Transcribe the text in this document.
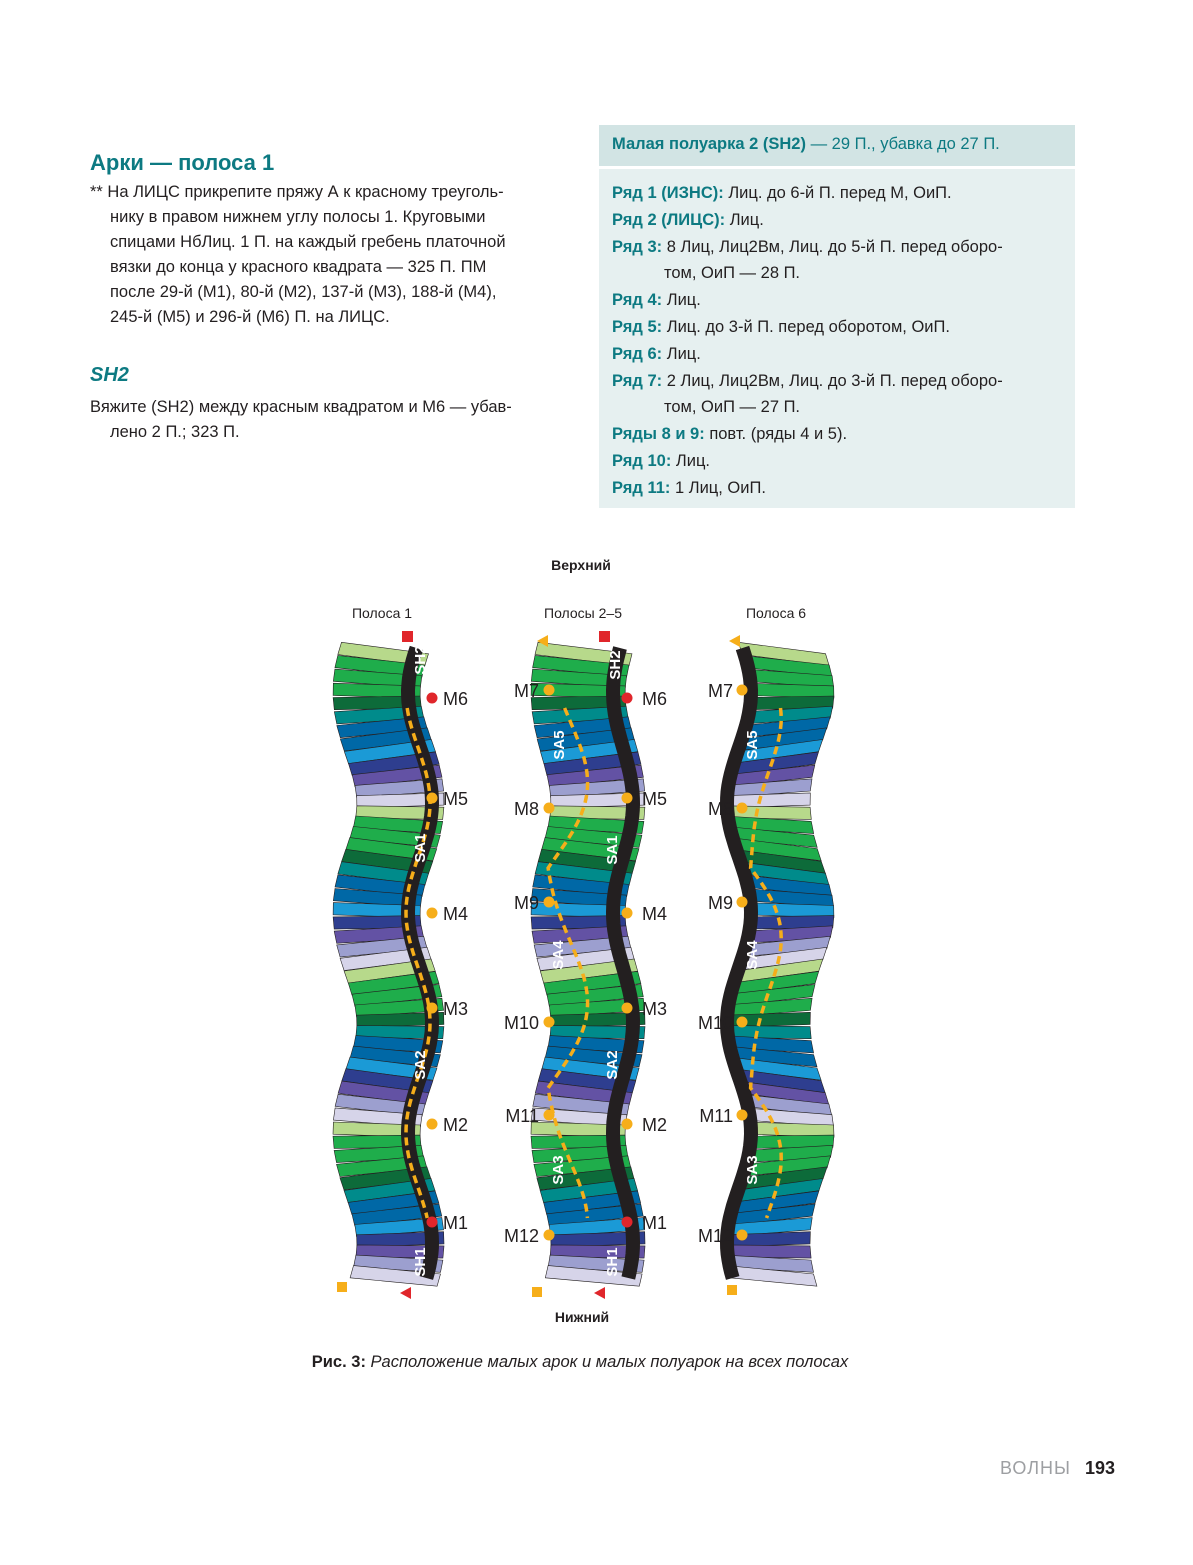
Арки — полоса 1
** На ЛИЦС прикрепите пряжу А к красному треуголь-
нику в правом нижнем углу полосы 1. Круговыми
спицами НбЛиц. 1 П. на каждый гребень платочной
вязки до конца у красного квадрата — 325 П. ПМ
после 29-й (М1), 80-й (М2), 137-й (М3), 188-й (М4),
245-й (М5) и 296-й (М6) П. на ЛИЦС.
SH2
Вяжите (SH2) между красным квадратом и М6 — убав-
лено 2 П.; 323 П.
Малая полуарка 2 (SH2) — 29 П., убавка до 27 П.
Ряд 1 (ИЗНС): Лиц. до 6-й П. перед М, ОиП.
Ряд 2 (ЛИЦС): Лиц.
Ряд 3: 8 Лиц, Лиц2Вм, Лиц. до 5-й П. перед оборо-
том, ОиП — 28 П.
Ряд 4: Лиц.
Ряд 5: Лиц. до 3-й П. перед оборотом, ОиП.
Ряд 6: Лиц.
Ряд 7: 2 Лиц, Лиц2Вм, Лиц. до 3-й П. перед оборо-
том, ОиП — 27 П.
Ряды 8 и 9: повт. (ряды 4 и 5).
Ряд 10: Лиц.
Ряд 11: 1 Лиц, ОиП.
Верхний
Нижний
Полоса 1	Полосы 2–5	Полоса 6
М6
М5
М4
М3
М2
М1
SH2
SA1
SA2
SH1
М6
М5
М4
М3
М2
М1
М7
М8
М9
М10
М11
М12
SH2
SA5
SA1
SA4
SA2
SA3
SH1
М7
М8
М9
М10
М11
М12
SA5
SA4
SA3
Рис. 3: Расположение малых арок и малых полуарок на всех полосах
ВОЛНЫ 193
